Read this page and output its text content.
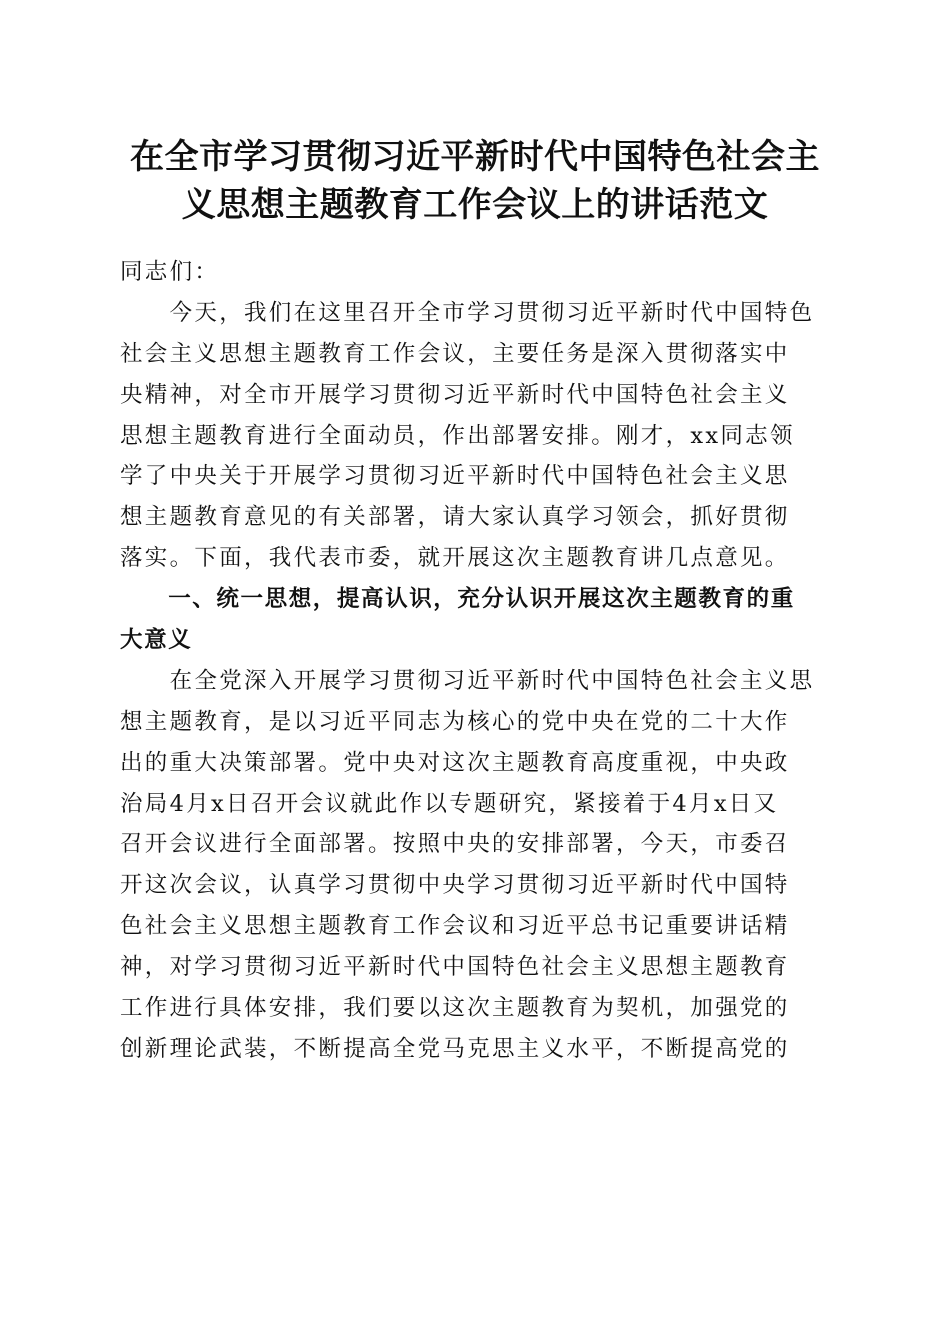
在全市学习贯彻习近平新时代中国特色社会主
义思想主题教育工作会议上的讲话范文
同志们：
　　今天，我们在这里召开全市学习贯彻习近平新时代中国特色
社会主义思想主题教育工作会议，主要任务是深入贯彻落实中
央精神，对全市开展学习贯彻习近平新时代中国特色社会主义
思想主题教育进行全面动员，作出部署安排。刚才，xx同志领
学了中央关于开展学习贯彻习近平新时代中国特色社会主义思
想主题教育意见的有关部署，请大家认真学习领会，抓好贯彻
落实。下面，我代表市委，就开展这次主题教育讲几点意见。
　　一、统一思想，提高认识，充分认识开展这次主题教育的重
大意义
　　在全党深入开展学习贯彻习近平新时代中国特色社会主义思
想主题教育，是以习近平同志为核心的党中央在党的二十大作
出的重大决策部署。党中央对这次主题教育高度重视，中央政
治局4月x日召开会议就此作以专题研究，紧接着于4月x日又
召开会议进行全面部署。按照中央的安排部署，今天，市委召
开这次会议，认真学习贯彻中央学习贯彻习近平新时代中国特
色社会主义思想主题教育工作会议和习近平总书记重要讲话精
神，对学习贯彻习近平新时代中国特色社会主义思想主题教育
工作进行具体安排，我们要以这次主题教育为契机，加强党的
创新理论武装，不断提高全党马克思主义水平，不断提高党的
